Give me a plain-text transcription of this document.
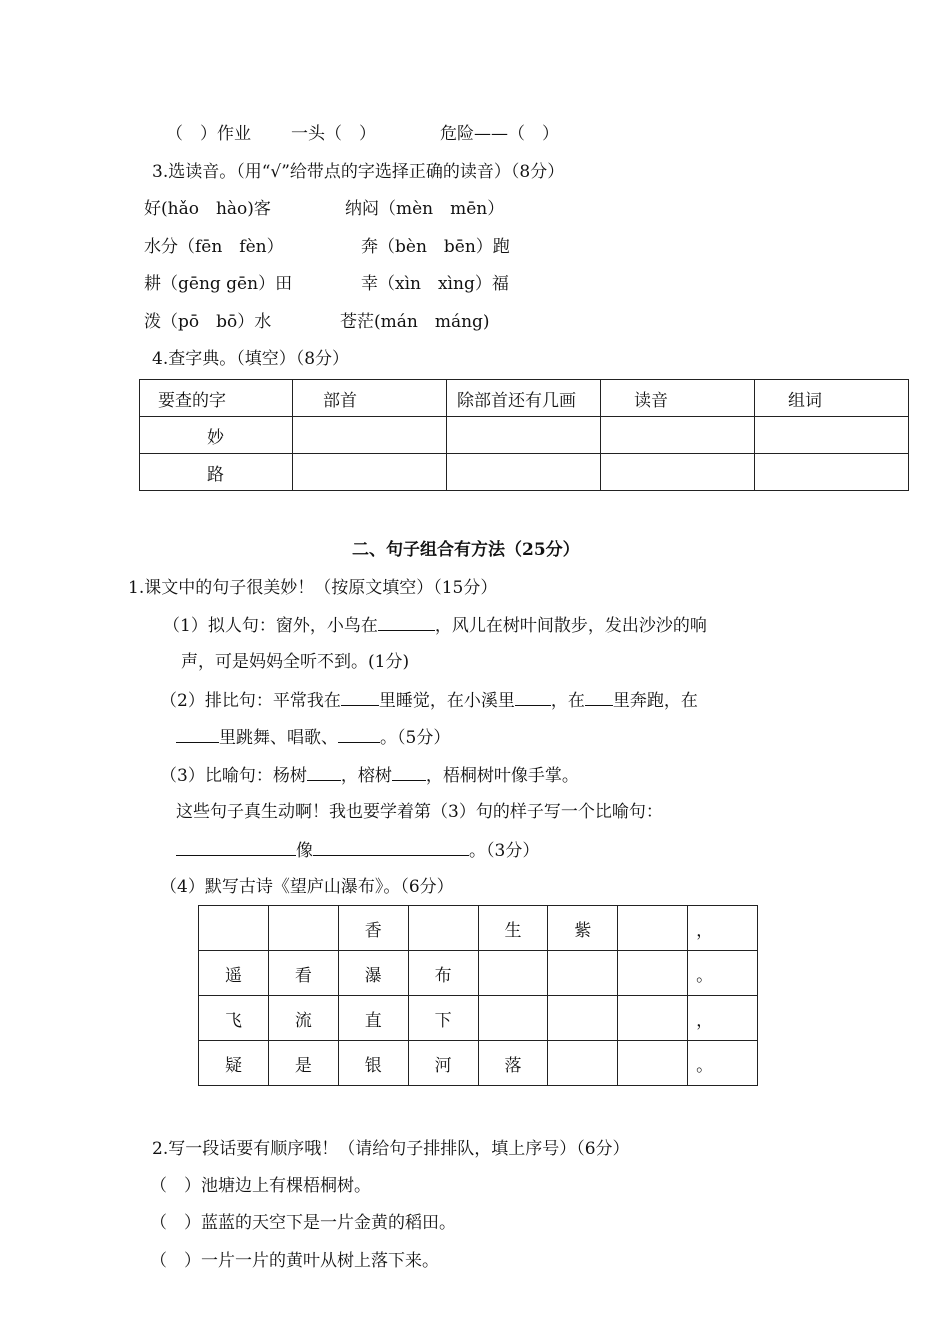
（　）作业 一头（　）	危险——（　）
3.选读音。（用“√”给带点的字选择正确的读音）（8分）
好(hǎo　hào)客	纳闷（mèn　mēn）
水分（fēn　fèn）	奔（bèn　bēn）跑
耕（gēng gēn）田	幸（xìn　xìng）福
泼（pō　bō）水	苍茫(mán　máng)
4.查字典。（填空）（8分）
要查的字	部首	除部首还有几画	读音	组词
妙				
路				
二、句子组合有方法（25分）
1.课文中的句子很美妙！（按原文填空）（15分）
（1）拟人句：窗外，小鸟在	，风儿在树叶间散步，发出沙沙的响
声，可是妈妈全听不到。(1分)
（2）排比句：平常我在 里睡觉，在小溪里 ，在 里奔跑，在
里跳舞、唱歌、 。（5分）
（3）比喻句：杨树 ，榕树 ，梧桐树叶像手掌。
这些句子真生动啊！我也要学着第（3）句的样子写一个比喻句：
像	。（3分）
（4）默写古诗《望庐山瀑布》。（6分）
		香		生	紫		，
遥	看	瀑	布				。
飞	流	直	下				，
疑	是	银	河	落			。
2.写一段话要有顺序哦！（请给句子排排队，填上序号）（6分）
（　）池塘边上有棵梧桐树。
（　）蓝蓝的天空下是一片金黄的稻田。
（　）一片一片的黄叶从树上落下来。
